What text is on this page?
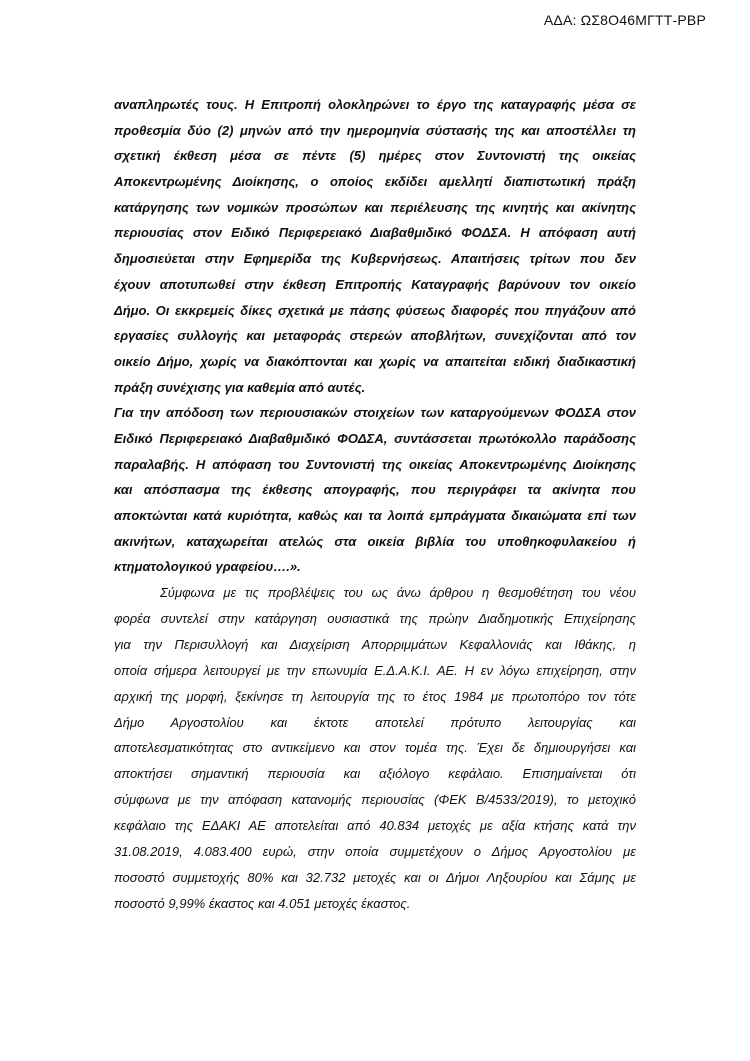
ΑΔΑ: ΩΣ8Ο46ΜΓΤΤ-ΡΒΡ
αναπληρωτές τους. Η Επιτροπή ολοκληρώνει το έργο της καταγραφής μέσα σε
προθεσμία δύο (2) μηνών από την ημερομηνία σύστασής της και αποστέλλει τη
σχετική έκθεση μέσα σε πέντε (5) ημέρες στον Συντονιστή της οικείας
Αποκεντρωμένης Διοίκησης, ο οποίος εκδίδει αμελλητί διαπιστωτική πράξη
κατάργησης των νομικών προσώπων και περιέλευσης της κινητής και ακίνητης
περιουσίας στον Ειδικό Περιφερειακό Διαβαθμιδικό ΦΟΔΣΑ. Η απόφαση αυτή
δημοσιεύεται στην Εφημερίδα της Κυβερνήσεως. Απαιτήσεις τρίτων που δεν
έχουν αποτυπωθεί στην έκθεση Επιτροπής Καταγραφής βαρύνουν τον οικείο
Δήμο. Οι εκκρεμείς δίκες σχετικά με πάσης φύσεως διαφορές που πηγάζουν από
εργασίες συλλογής και μεταφοράς στερεών αποβλήτων, συνεχίζονται από τον
οικείο Δήμο, χωρίς να διακόπτονται και χωρίς να απαιτείται ειδική διαδικαστική
πράξη συνέχισης για καθεμία από αυτές.
Για την απόδοση των περιουσιακών στοιχείων των καταργούμενων ΦΟΔΣΑ στον
Ειδικό Περιφερειακό Διαβαθμιδικό ΦΟΔΣΑ, συντάσσεται πρωτόκολλο παράδοσης
παραλαβής. Η απόφαση του Συντονιστή της οικείας Αποκεντρωμένης Διοίκησης
και απόσπασμα της έκθεσης απογραφής, που περιγράφει τα ακίνητα που
αποκτώνται κατά κυριότητα, καθώς και τα λοιπά εμπράγματα δικαιώματα επί των
ακινήτων, καταχωρείται ατελώς στα οικεία βιβλία του υποθηκοφυλακείου ή
κτηματολογικού γραφείου….».
Σύμφωνα με τις προβλέψεις του ως άνω άρθρου η θεσμοθέτηση του νέου
φορέα συντελεί στην κατάργηση ουσιαστικά της πρώην Διαδημοτικής Επιχείρησης
για την Περισυλλογή και Διαχείριση Απορριμμάτων Κεφαλλονιάς και Ιθάκης, η
οποία σήμερα λειτουργεί με την επωνυμία Ε.Δ.Α.Κ.Ι. ΑΕ. Η εν λόγω επιχείρηση, στην
αρχική της μορφή, ξεκίνησε τη λειτουργία της το έτος 1984 με πρωτοπόρο τον τότε
Δήμο Αργοστολίου και έκτοτε αποτελεί πρότυπο λειτουργίας και
αποτελεσματικότητας στο αντικείμενο και στον τομέα της. Έχει δε δημιουργήσει και
αποκτήσει σημαντική περιουσία και αξιόλογο κεφάλαιο. Επισημαίνεται ότι
σύμφωνα με την απόφαση κατανομής περιουσίας (ΦΕΚ Β/4533/2019), το μετοχικό
κεφάλαιο της ΕΔΑΚΙ ΑΕ αποτελείται από 40.834 μετοχές με αξία κτήσης κατά την
31.08.2019, 4.083.400 ευρώ, στην οποία συμμετέχουν ο Δήμος Αργοστολίου με
ποσοστό συμμετοχής 80% και 32.732 μετοχές και οι Δήμοι Ληξουρίου και Σάμης με
ποσοστό 9,99% έκαστος και 4.051 μετοχές έκαστος.
